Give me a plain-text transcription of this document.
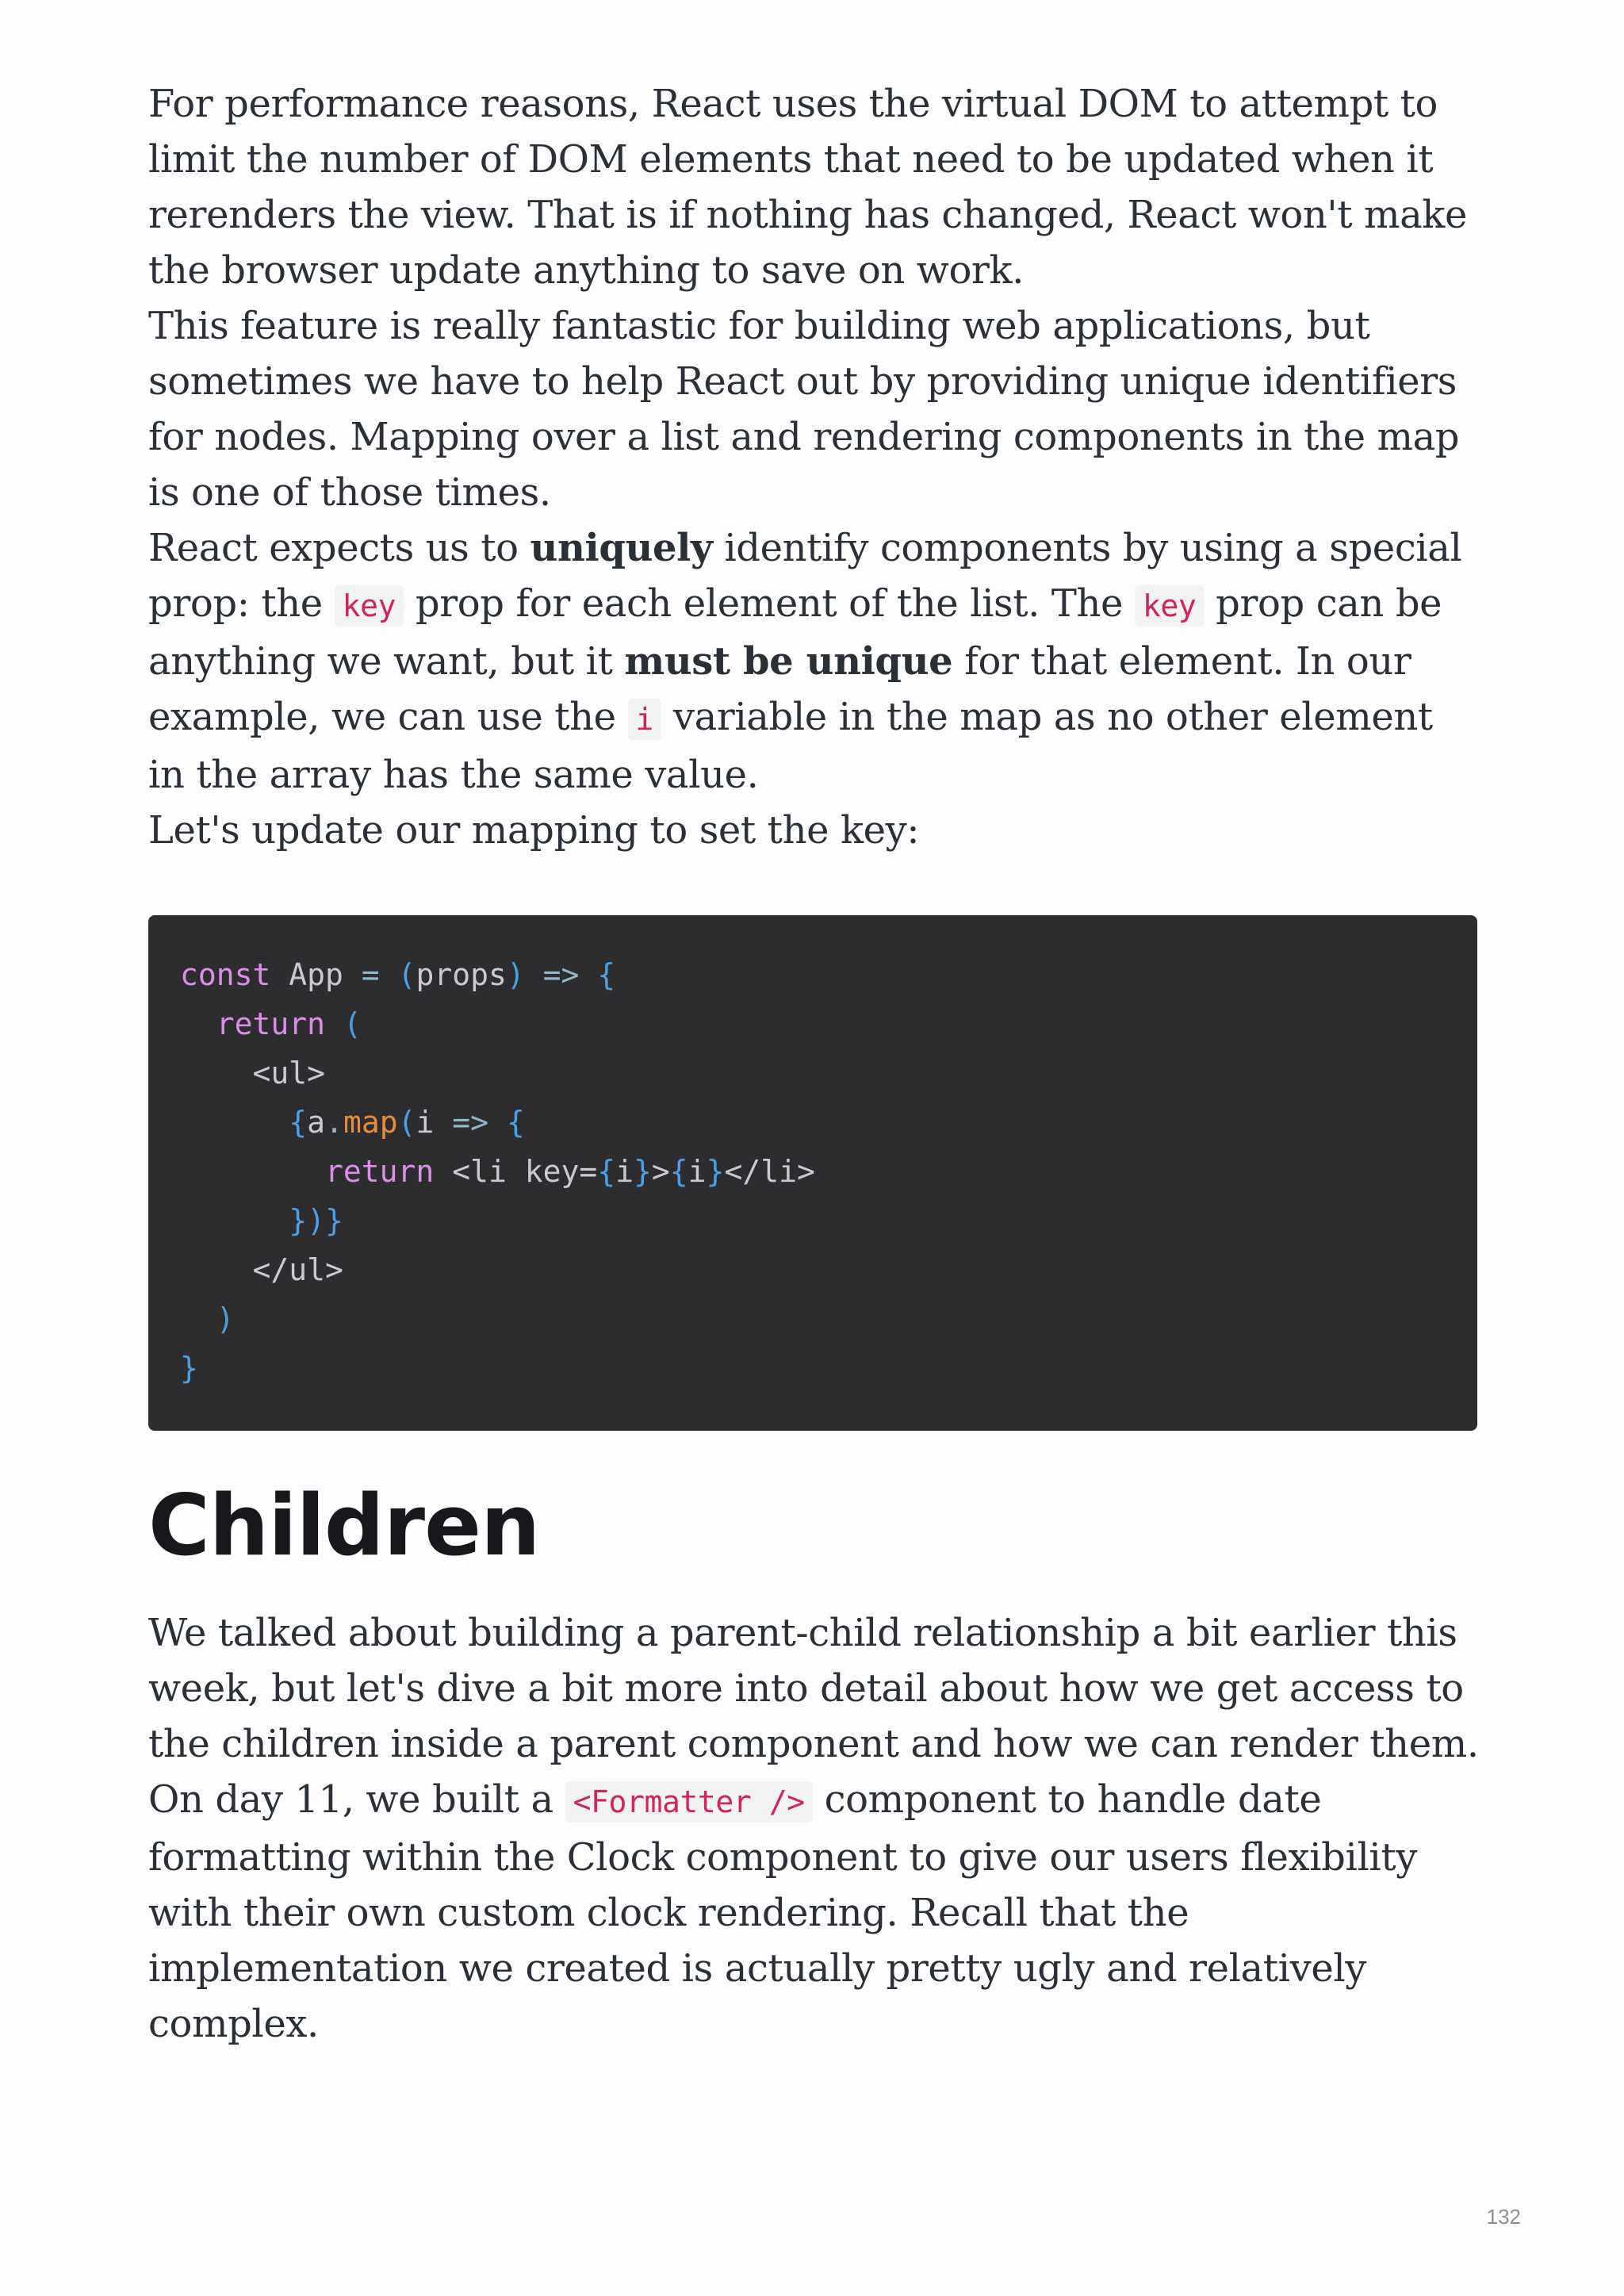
For performance reasons, React uses the virtual DOM to attempt to limit the number of DOM elements that need to be updated when it rerenders the view. That is if nothing has changed, React won't make the browser update anything to save on work.

This feature is really fantastic for building web applications, but sometimes we have to help React out by providing unique identifiers for nodes. Mapping over a list and rendering components in the map is one of those times.

React expects us to uniquely identify components by using a special prop: the key prop for each element of the list. The key prop can be anything we want, but it must be unique for that element. In our example, we can use the i variable in the map as no other element in the array has the same value.

Let's update our mapping to set the key:

const App = (props) => {
return (
<ul>
{a.map(i => {
return <li key={i}>{i}</li>
})}
</ul>
)
}
Children

We talked about building a parent-child relationship a bit earlier this week, but let's dive a bit more into detail about how we get access to the children inside a parent component and how we can render them.

On day 11, we built a <Formatter /> component to handle date formatting within the Clock component to give our users flexibility with their own custom clock rendering. Recall that the implementation we created is actually pretty ugly and relatively complex.

132
